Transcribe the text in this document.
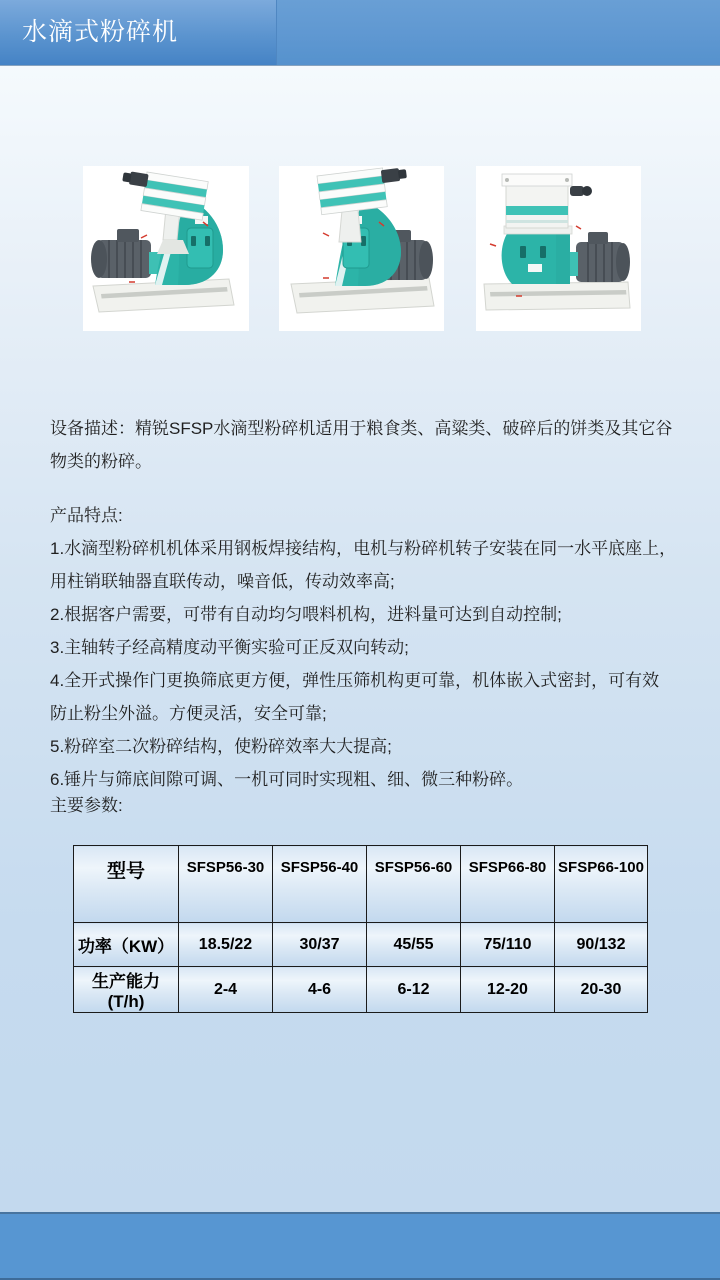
水滴式粉碎机
设备描述：精锐SFSP水滴型粉碎机适用于粮食类、高粱类、破碎后的饼类及其它谷
物类的粉碎。
产品特点:
1.水滴型粉碎机机体采用钢板焊接结构，电机与粉碎机转子安装在同一水平底座上，
用柱销联轴器直联传动，噪音低，传动效率高;
2.根据客户需要，可带有自动均匀喂料机构，进料量可达到自动控制;
3.主轴转子经高精度动平衡实验可正反双向转动;
4.全开式操作门更换筛底更方便，弹性压筛机构更可靠，机体嵌入式密封，可有效
防止粉尘外溢。方便灵活，安全可靠;
5.粉碎室二次粉碎结构，使粉碎效率大大提高;
6.锤片与筛底间隙可调、一机可同时实现粗、细、微三种粉碎。
主要参数:
型号	SFSP56-30	SFSP56-40	SFSP56-60	SFSP66-80	SFSP66-100
功率（KW）	18.5/22	30/37	45/55	75/110	90/132
生产能力(T/h)	2-4	4-6	6-12	12-20	20-30
